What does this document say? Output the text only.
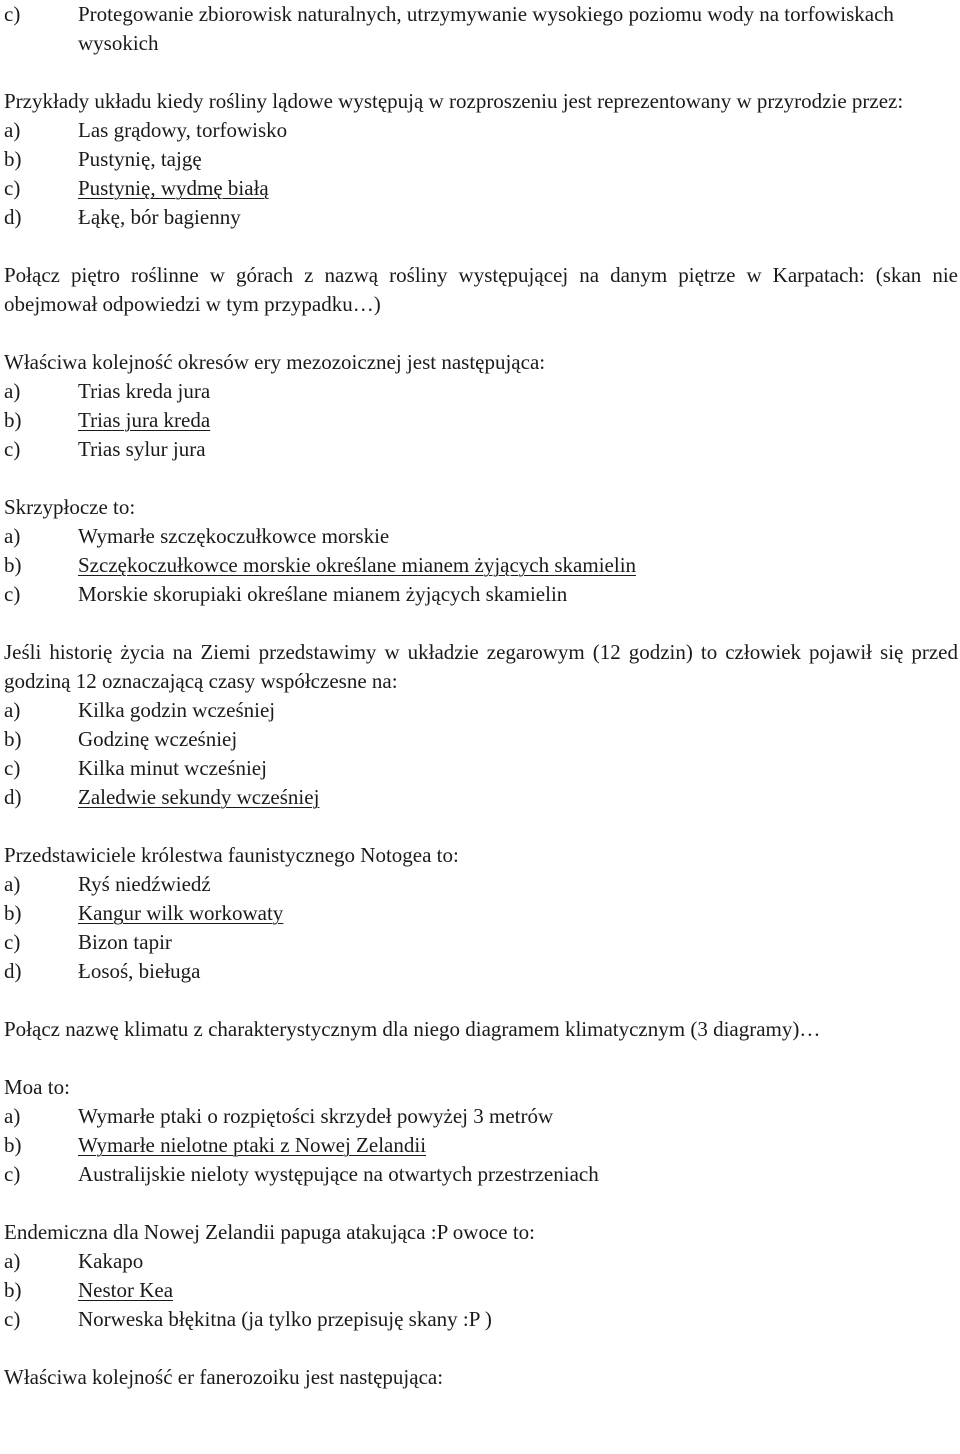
c)	Protegowanie zbiorowisk naturalnych, utrzymywanie wysokiego poziomu wody na torfowiskach wysokich

Przykłady układu kiedy rośliny lądowe występują w rozproszeniu jest reprezentowany w przyrodzie przez:

a)	Las grądowy, torfowisko

b)	Pustynię, tajgę

c)	Pustynię, wydmę białą

d)	Łąkę, bór bagienny

Połącz piętro roślinne w górach z nazwą rośliny występującej na danym piętrze w Karpatach: (skan nie obejmował odpowiedzi w tym przypadku…)

Właściwa kolejność okresów ery mezozoicznej jest następująca:

a)	Trias kreda jura

b)	Trias jura kreda

c)	Trias sylur jura

Skrzypłocze to:

a)	Wymarłe szczękoczułkowce morskie

b)	Szczękoczułkowce morskie określane mianem żyjących skamielin

c)	Morskie skorupiaki określane mianem żyjących skamielin

Jeśli historię życia na Ziemi przedstawimy w układzie zegarowym (12 godzin) to człowiek pojawił się przed godziną 12 oznaczającą czasy współczesne na:

a)	Kilka godzin wcześniej

b)	Godzinę wcześniej

c)	Kilka minut wcześniej

d)	Zaledwie sekundy wcześniej

Przedstawiciele królestwa faunistycznego Notogea to:

a)	Ryś niedźwiedź

b)	Kangur wilk workowaty

c)	Bizon tapir

d)	Łosoś, bieługa

Połącz nazwę klimatu z charakterystycznym dla niego diagramem klimatycznym (3 diagramy)…

Moa to:

a)	Wymarłe ptaki o rozpiętości skrzydeł powyżej 3 metrów

b)	Wymarłe nielotne ptaki z Nowej Zelandii

c)	Australijskie nieloty występujące na otwartych przestrzeniach

Endemiczna dla Nowej Zelandii papuga atakująca :P owoce to:

a)	Kakapo

b)	Nestor Kea

c)	Norweska błękitna (ja tylko przepisuję skany :P )

Właściwa kolejność er fanerozoiku jest następująca:
